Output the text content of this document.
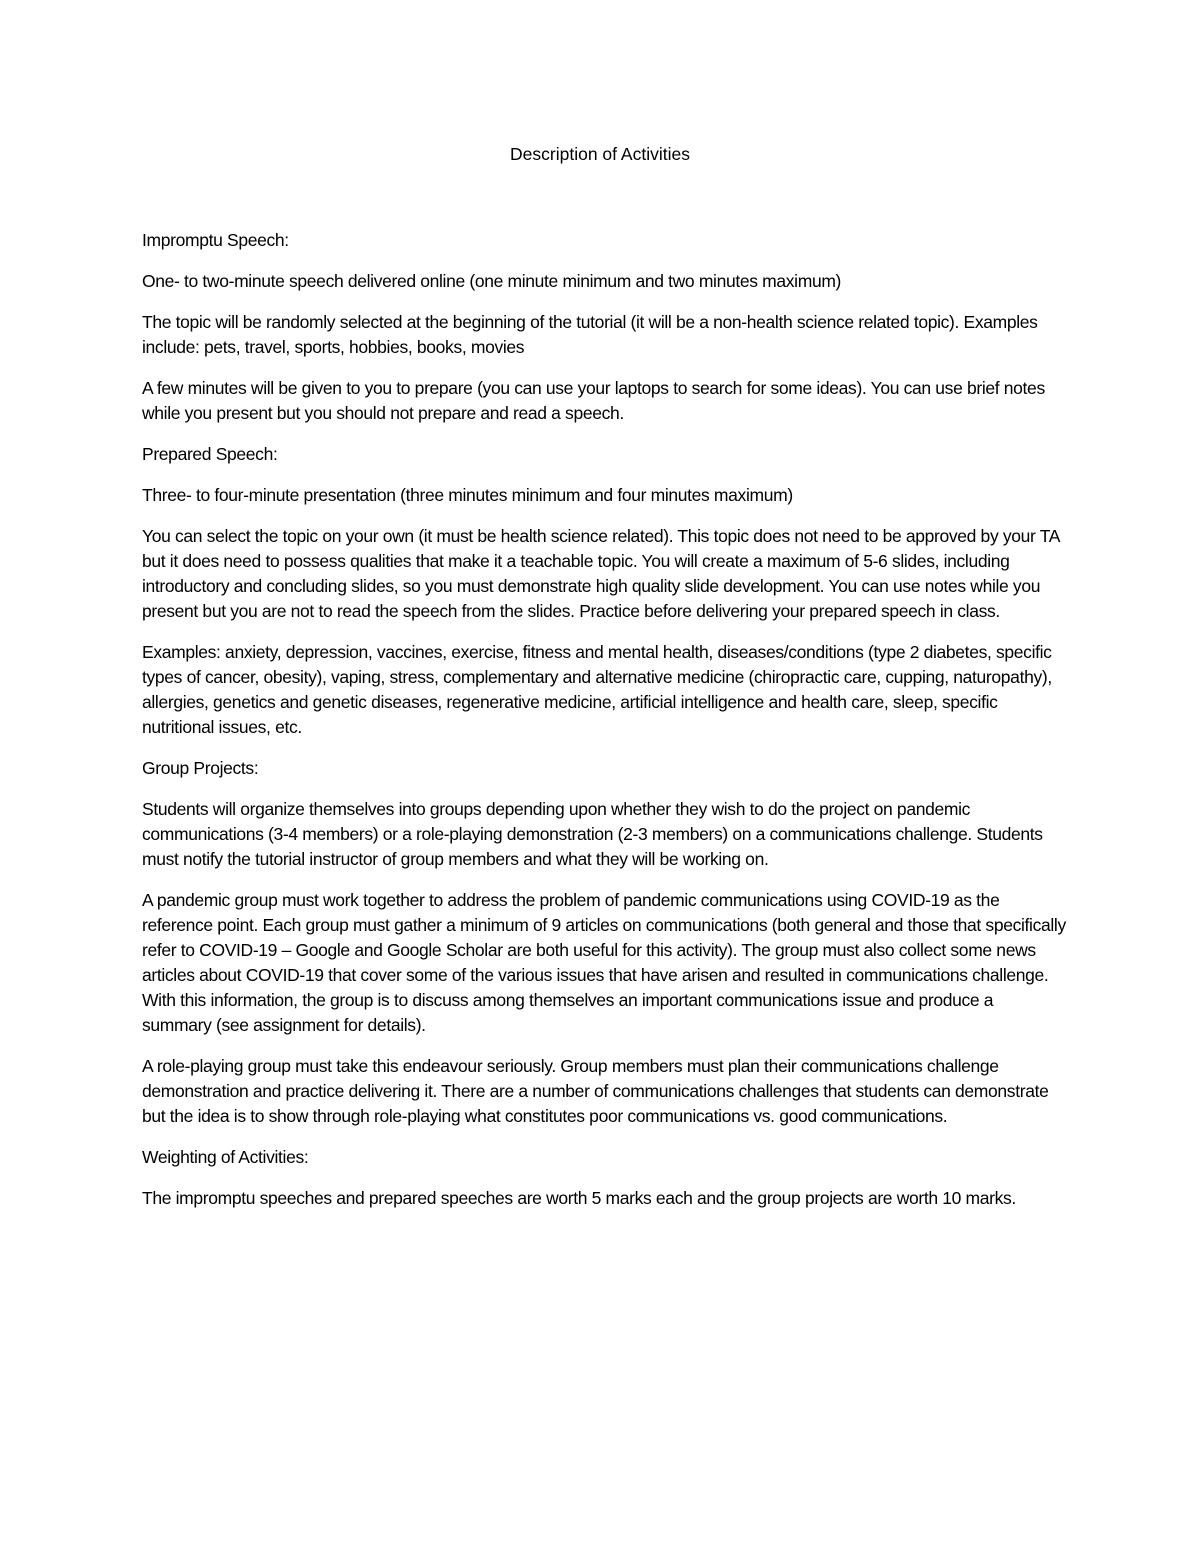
Description of Activities

Impromptu Speech:

One- to two-minute speech delivered online (one minute minimum and two minutes maximum)

The topic will be randomly selected at the beginning of the tutorial (it will be a non-health science related topic). Examples include: pets, travel, sports, hobbies, books, movies

A few minutes will be given to you to prepare (you can use your laptops to search for some ideas). You can use brief notes while you present but you should not prepare and read a speech.

Prepared Speech:

Three- to four-minute presentation (three minutes minimum and four minutes maximum)

You can select the topic on your own (it must be health science related). This topic does not need to be approved by your TA but it does need to possess qualities that make it a teachable topic. You will create a maximum of 5-6 slides, including introductory and concluding slides, so you must demonstrate high quality slide development. You can use notes while you present but you are not to read the speech from the slides. Practice before delivering your prepared speech in class.

Examples: anxiety, depression, vaccines, exercise, fitness and mental health, diseases/conditions (type 2 diabetes, specific types of cancer, obesity), vaping, stress, complementary and alternative medicine (chiropractic care, cupping, naturopathy), allergies, genetics and genetic diseases, regenerative medicine, artificial intelligence and health care, sleep, specific nutritional issues, etc.

Group Projects:

Students will organize themselves into groups depending upon whether they wish to do the project on pandemic communications (3-4 members) or a role-playing demonstration (2-3 members) on a communications challenge. Students must notify the tutorial instructor of group members and what they will be working on.

A pandemic group must work together to address the problem of pandemic communications using COVID-19 as the reference point. Each group must gather a minimum of 9 articles on communications (both general and those that specifically refer to COVID-19 – Google and Google Scholar are both useful for this activity). The group must also collect some news articles about COVID-19 that cover some of the various issues that have arisen and resulted in communications challenge. With this information, the group is to discuss among themselves an important communications issue and produce a summary (see assignment for details).

A role-playing group must take this endeavour seriously. Group members must plan their communications challenge demonstration and practice delivering it. There are a number of communications challenges that students can demonstrate but the idea is to show through role-playing what constitutes poor communications vs. good communications.

Weighting of Activities:

The impromptu speeches and prepared speeches are worth 5 marks each and the group projects are worth 10 marks.
